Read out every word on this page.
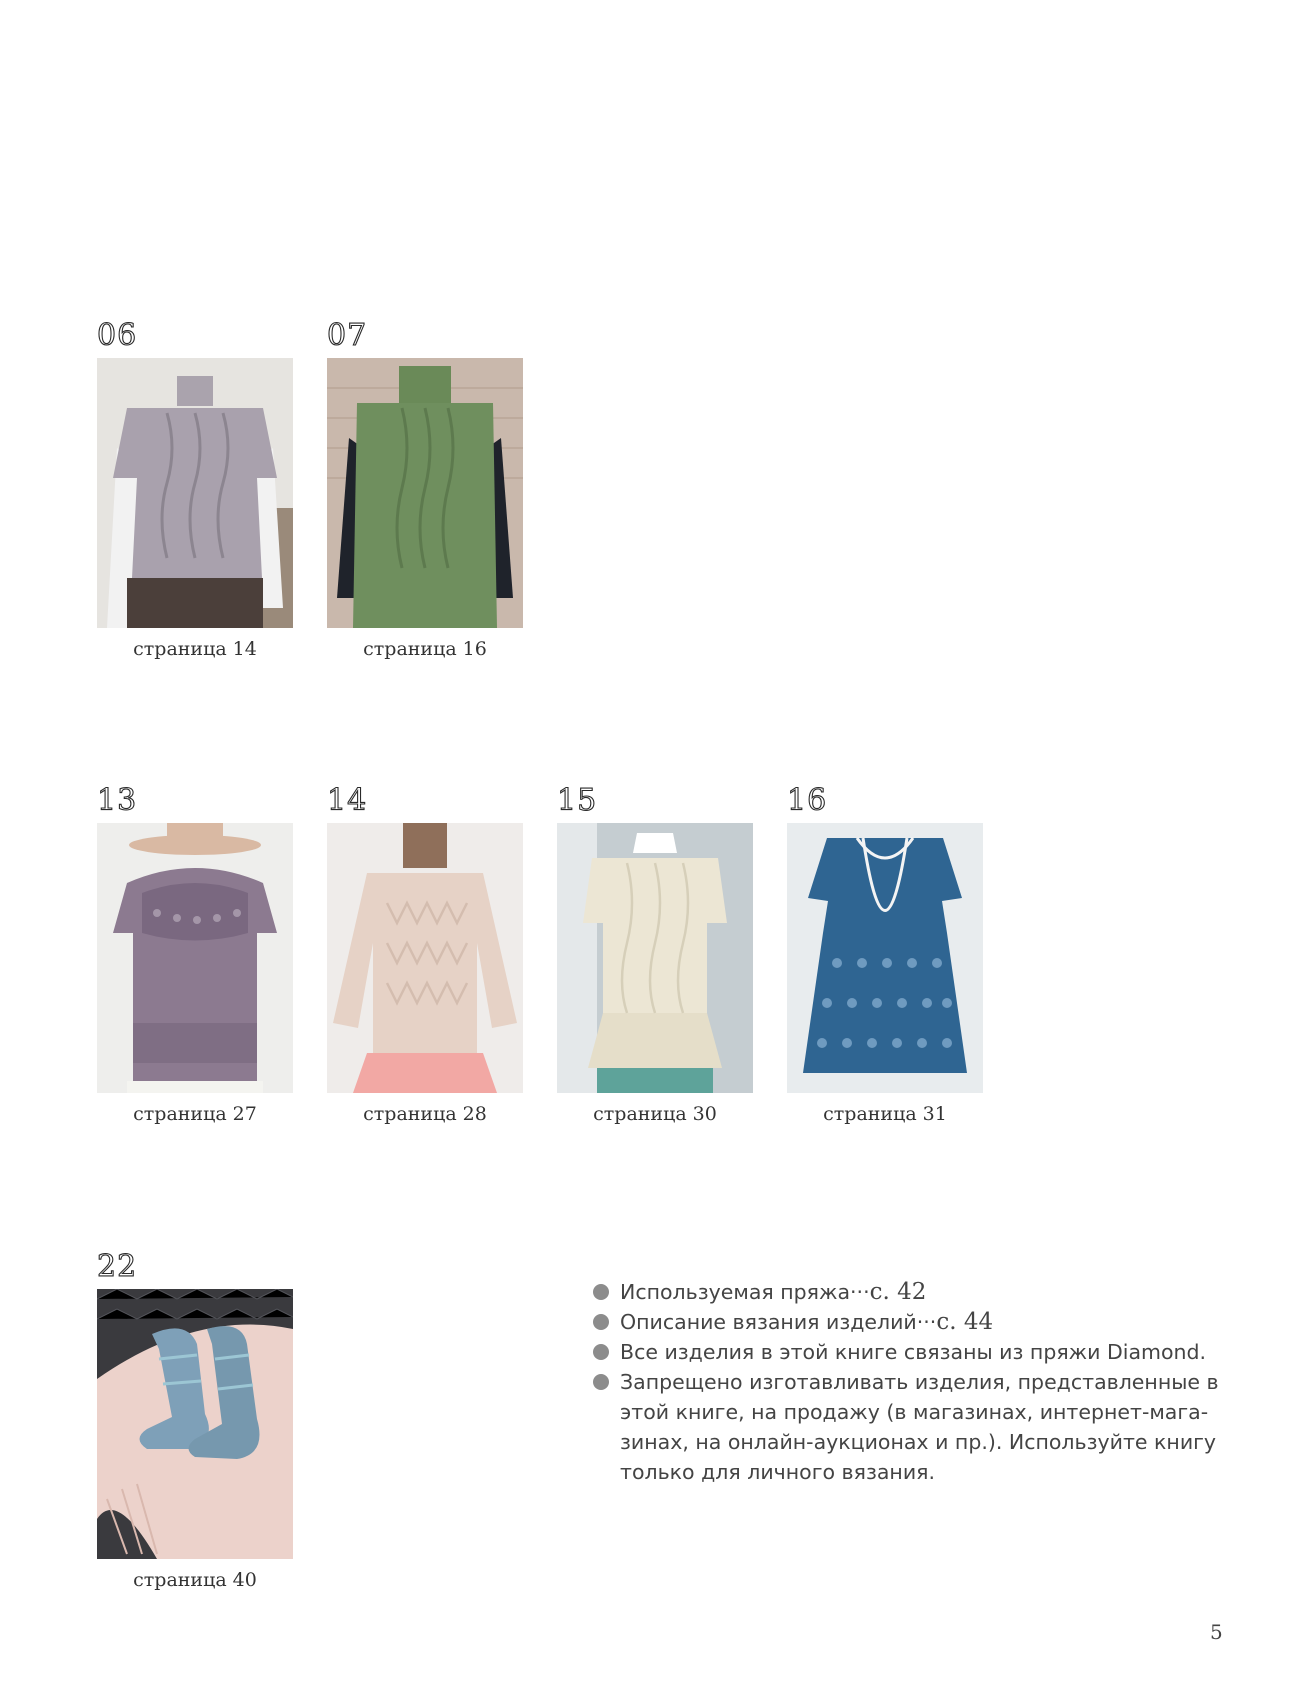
06
страница 14
07
страница 16
13
страница 27
14
страница 28
15
страница 30
16
страница 31
22
страница 40

Используемая пряжа···с. 42

Описание вязания изделий···с. 44

Все изделия в этой книге связаны из пряжи Diamond.

Запрещено изготавливать изделия, представленные в этой книге, на продажу (в магазинах, интернет-мага-зинах, на онлайн-аукционах и пр.). Используйте книгу только для личного вязания.

5
